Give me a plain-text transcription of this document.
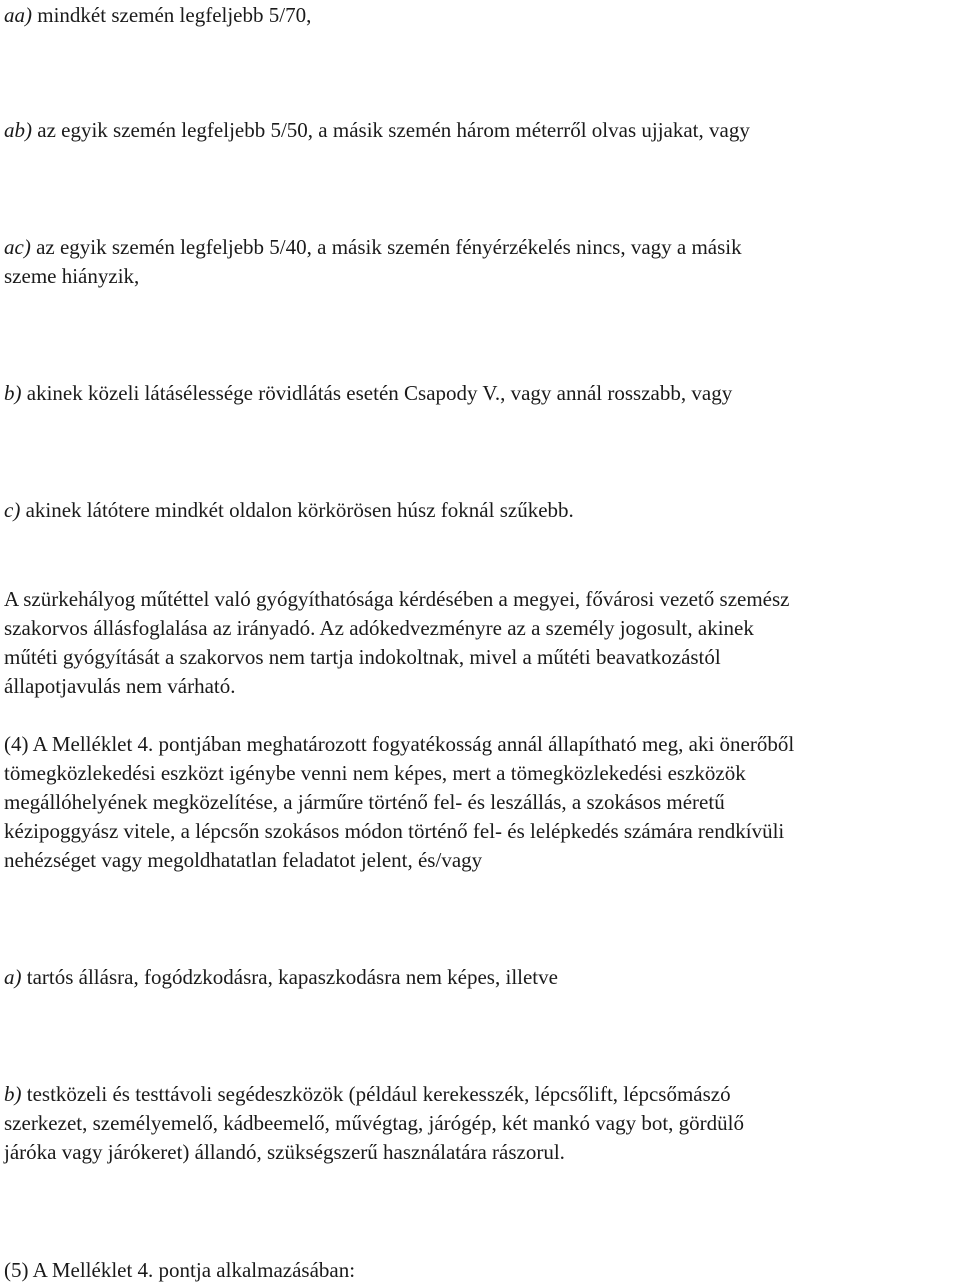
aa) mindkét szemén legfeljebb 5/70,
ab) az egyik szemén legfeljebb 5/50, a másik szemén három méterről olvas ujjakat, vagy
ac) az egyik szemén legfeljebb 5/40, a másik szemén fényérzékelés nincs, vagy a másik
szeme hiányzik,
b) akinek közeli látásélessége rövidlátás esetén Csapody V., vagy annál rosszabb, vagy
c) akinek látótere mindkét oldalon körkörösen húsz foknál szűkebb.
A szürkehályog műtéttel való gyógyíthatósága kérdésében a megyei, fővárosi vezető szemész
szakorvos állásfoglalása az irányadó. Az adókedvezményre az a személy jogosult, akinek
műtéti gyógyítását a szakorvos nem tartja indokoltnak, mivel a műtéti beavatkozástól
állapotjavulás nem várható.
(4) A Melléklet 4. pontjában meghatározott fogyatékosság annál állapítható meg, aki önerőből
tömegközlekedési eszközt igénybe venni nem képes, mert a tömegközlekedési eszközök
megállóhelyének megközelítése, a járműre történő fel- és leszállás, a szokásos méretű
kézipoggyász vitele, a lépcsőn szokásos módon történő fel- és lelépkedés számára rendkívüli
nehézséget vagy megoldhatatlan feladatot jelent, és/vagy
a) tartós állásra, fogódzkodásra, kapaszkodásra nem képes, illetve
b) testközeli és testtávoli segédeszközök (például kerekesszék, lépcsőlift, lépcsőmászó
szerkezet, személyemelő, kádbeemelő, művégtag, járógép, két mankó vagy bot, gördülő
járóka vagy járókeret) állandó, szükségszerű használatára rászorul.
(5) A Melléklet 4. pontja alkalmazásában:
